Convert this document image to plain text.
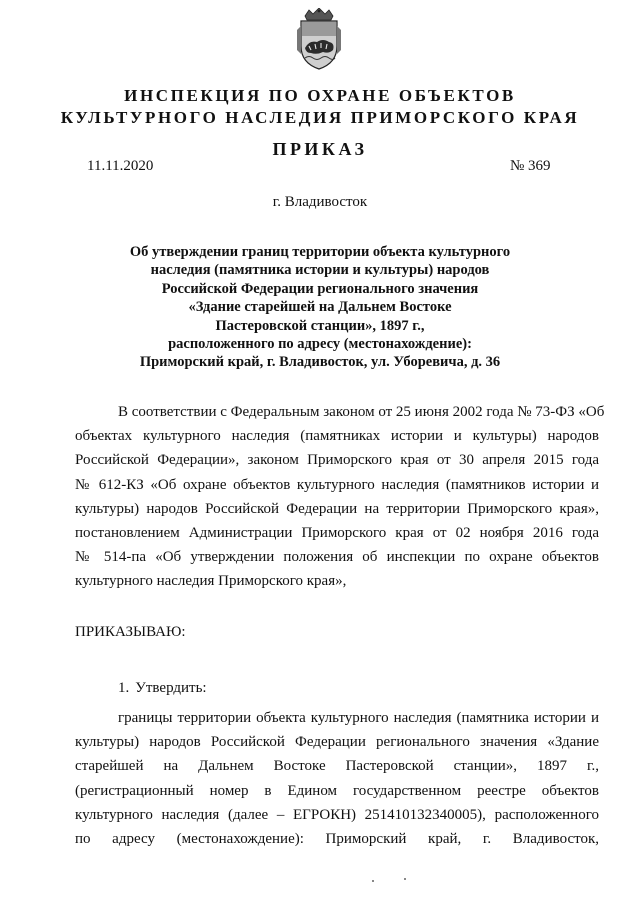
ИНСПЕКЦИЯ ПО ОХРАНЕ ОБЪЕКТОВ
КУЛЬТУРНОГО НАСЛЕДИЯ ПРИМОРСКОГО КРАЯ
ПРИКАЗ
11.11.2020	№ 369
г. Владивосток
Об утверждении границ территории объекта культурного
наследия (памятника истории и культуры) народов
Российской Федерации регионального значения
«Здание старейшей на Дальнем Востоке
Пастеровской станции», 1897 г.,
расположенного по адресу (местонахождение):
Приморский край, г. Владивосток, ул. Уборевича, д. 36
В соответствии с Федеральным законом от 25 июня 2002 года № 73-ФЗ «Об
объектах культурного наследия (памятниках истории и культуры) народов
Российской Федерации», законом Приморского края от 30 апреля 2015 года
№ 612-КЗ «Об охране объектов культурного наследия (памятников истории и
культуры) народов Российской Федерации на территории Приморского края»,
постановлением Администрации Приморского края от 02 ноября 2016 года
№ 514-па «Об утверждении положения об инспекции по охране объектов
культурного наследия Приморского края»,
ПРИКАЗЫВАЮ:
1. Утвердить:
границы территории объекта культурного наследия (памятника истории и
культуры) народов Российской Федерации регионального значения «Здание
старейшей на Дальнем Востоке Пастеровской станции», 1897 г.,
(регистрационный номер в Едином государственном реестре объектов
культурного наследия (далее – ЕГРОКН) 251410132340005), расположенного
по адресу (местонахождение): Приморский край, г. Владивосток,
